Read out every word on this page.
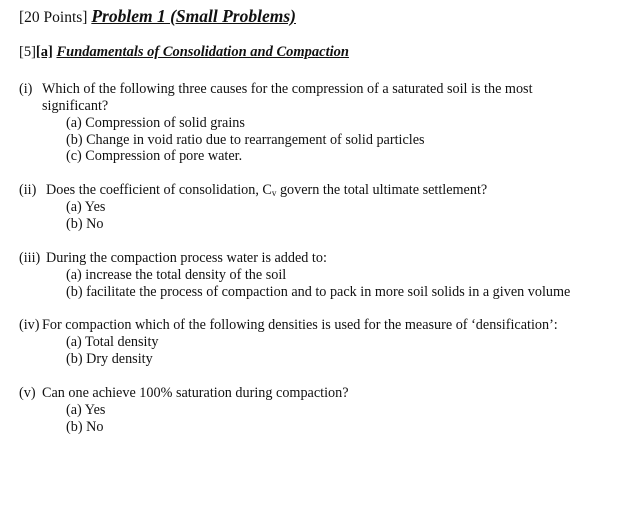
[20 Points] Problem 1 (Small Problems)
[5][a] Fundamentals of Consolidation and Compaction
(i) Which of the following three causes for the compression of a saturated soil is the most
significant?
(a) Compression of solid grains
(b) Change in void ratio due to rearrangement of solid particles
(c) Compression of pore water.
(ii) Does the coefficient of consolidation, $C_v$ govern the total ultimate settlement?
(a) Yes
(b) No
(iii) During the compaction process water is added to:
(a) increase the total density of the soil
(b) facilitate the process of compaction and to pack in more soil solids in a given volume
(iv) For compaction which of the following densities is used for the measure of ‘densification’:
(a) Total density
(b) Dry density
(v) Can one achieve 100% saturation during compaction?
(a) Yes
(b) No
